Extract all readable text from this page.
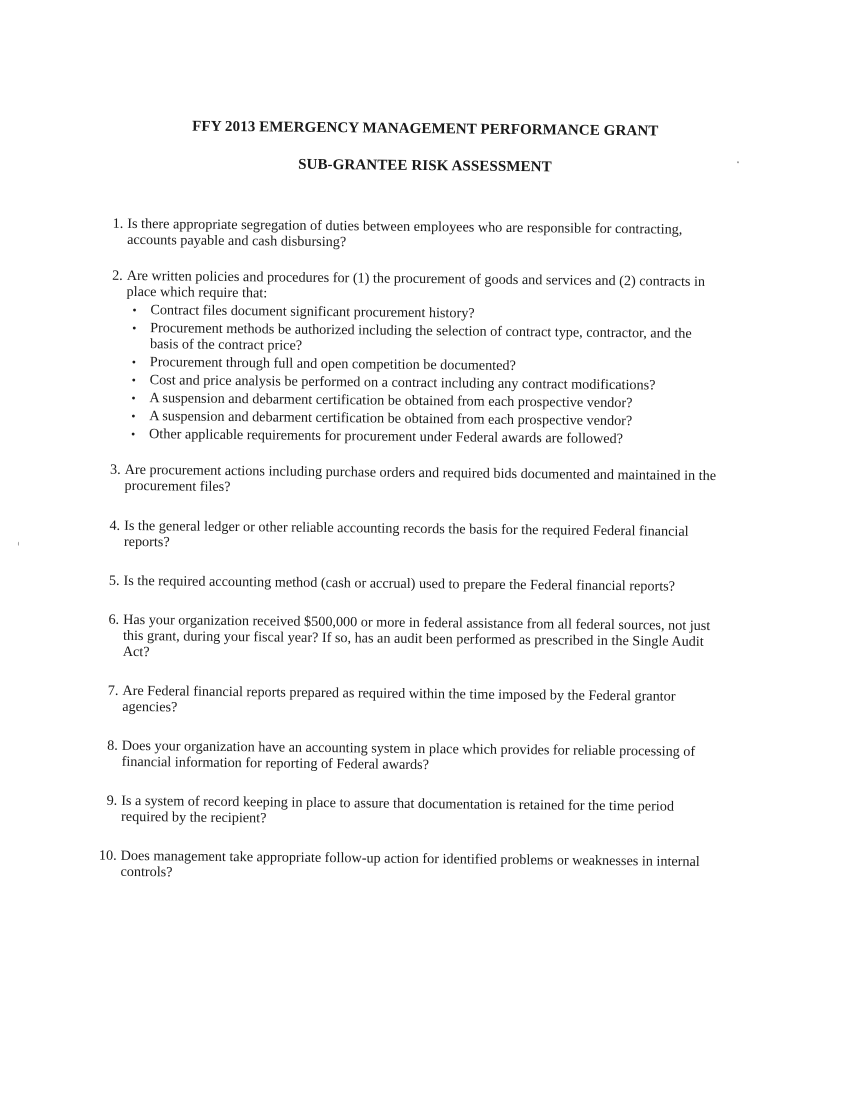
FFY 2013 EMERGENCY MANAGEMENT PERFORMANCE GRANT
SUB-GRANTEE RISK ASSESSMENT
1. Is there appropriate segregation of duties between employees who are responsible for contracting, accounts payable and cash disbursing?
2. Are written policies and procedures for (1) the procurement of goods and services and (2) contracts in place which require that:
• Contract files document significant procurement history?
• Procurement methods be authorized including the selection of contract type, contractor, and the basis of the contract price?
• Procurement through full and open competition be documented?
• Cost and price analysis be performed on a contract including any contract modifications?
• A suspension and debarment certification be obtained from each prospective vendor?
• A suspension and debarment certification be obtained from each prospective vendor?
• Other applicable requirements for procurement under Federal awards are followed?
3. Are procurement actions including purchase orders and required bids documented and maintained in the procurement files?
4. Is the general ledger or other reliable accounting records the basis for the required Federal financial reports?
5. Is the required accounting method (cash or accrual) used to prepare the Federal financial reports?
6. Has your organization received $500,000 or more in federal assistance from all federal sources, not just this grant, during your fiscal year? If so, has an audit been performed as prescribed in the Single Audit Act?
7. Are Federal financial reports prepared as required within the time imposed by the Federal grantor agencies?
8. Does your organization have an accounting system in place which provides for reliable processing of financial information for reporting of Federal awards?
9. Is a system of record keeping in place to assure that documentation is retained for the time period required by the recipient?
10. Does management take appropriate follow-up action for identified problems or weaknesses in internal controls?
